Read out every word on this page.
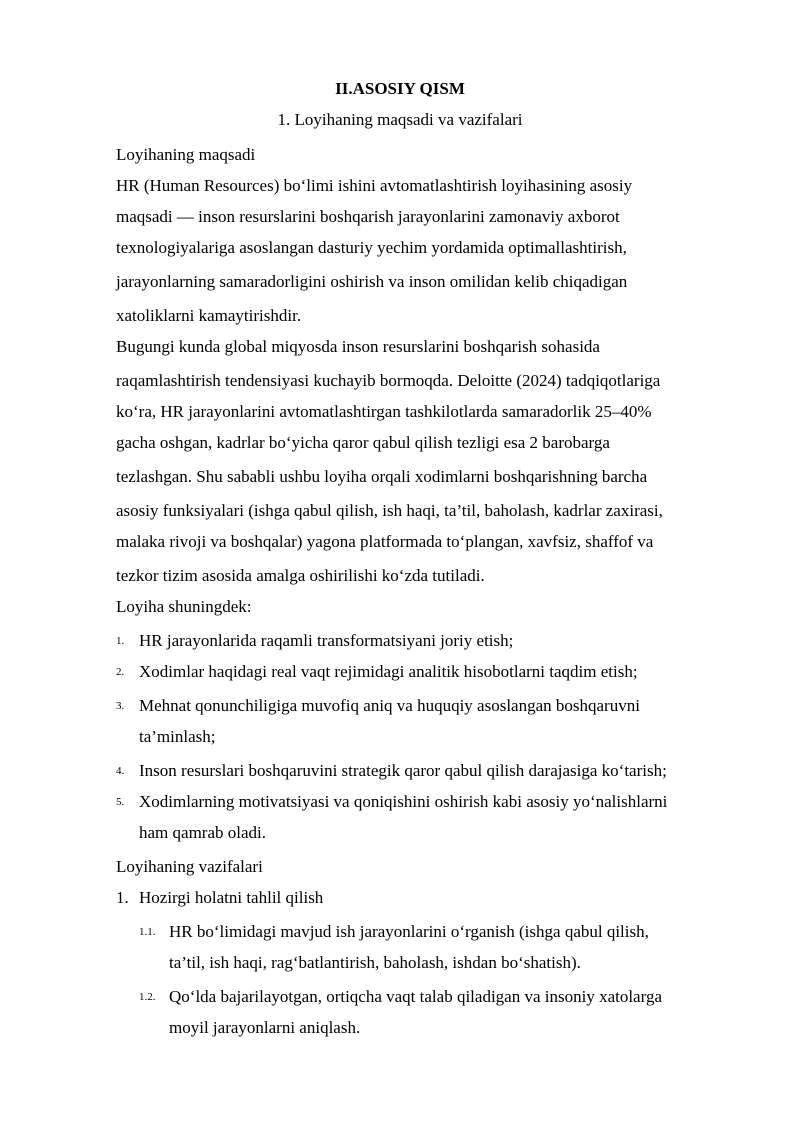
II.ASOSIY QISM
1. Loyihaning maqsadi va vazifalari
Loyihaning maqsadi
HR (Human Resources) bo‘limi ishini avtomatlashtirish loyihasining asosiy
maqsadi — inson resurslarini boshqarish jarayonlarini zamonaviy axborot
texnologiyalariga asoslangan dasturiy yechim yordamida optimallashtirish,
jarayonlarning samaradorligini oshirish va inson omilidan kelib chiqadigan
xatoliklarni kamaytirishdir.
Bugungi kunda global miqyosda inson resurslarini boshqarish sohasida
raqamlashtirish tendensiyasi kuchayib bormoqda. Deloitte (2024) tadqiqotlariga
ko‘ra, HR jarayonlarini avtomatlashtirgan tashkilotlarda samaradorlik 25–40%
gacha oshgan, kadrlar bo‘yicha qaror qabul qilish tezligi esa 2 barobarga
tezlashgan. Shu sababli ushbu loyiha orqali xodimlarni boshqarishning barcha
asosiy funksiyalari (ishga qabul qilish, ish haqi, ta’til, baholash, kadrlar zaxirasi,
malaka rivoji va boshqalar) yagona platformada to‘plangan, xavfsiz, shaffof va
tezkor tizim asosida amalga oshirilishi ko‘zda tutiladi.
Loyiha shuningdek:
1. HR jarayonlarida raqamli transformatsiyani joriy etish;
2. Xodimlar haqidagi real vaqt rejimidagi analitik hisobotlarni taqdim etish;
3. Mehnat qonunchiligiga muvofiq aniq va huquqiy asoslangan boshqaruvni
ta’minlash;
4. Inson resurslari boshqaruvini strategik qaror qabul qilish darajasiga ko‘tarish;
5. Xodimlarning motivatsiyasi va qoniqishini oshirish kabi asosiy yo‘nalishlarni
ham qamrab oladi.
Loyihaning vazifalari
1. Hozirgi holatni tahlil qilish
1.1. HR bo‘limidagi mavjud ish jarayonlarini o‘rganish (ishga qabul qilish,
ta’til, ish haqi, rag‘batlantirish, baholash, ishdan bo‘shatish).
1.2. Qo‘lda bajarilayotgan, ortiqcha vaqt talab qiladigan va insoniy xatolarga
moyil jarayonlarni aniqlash.
